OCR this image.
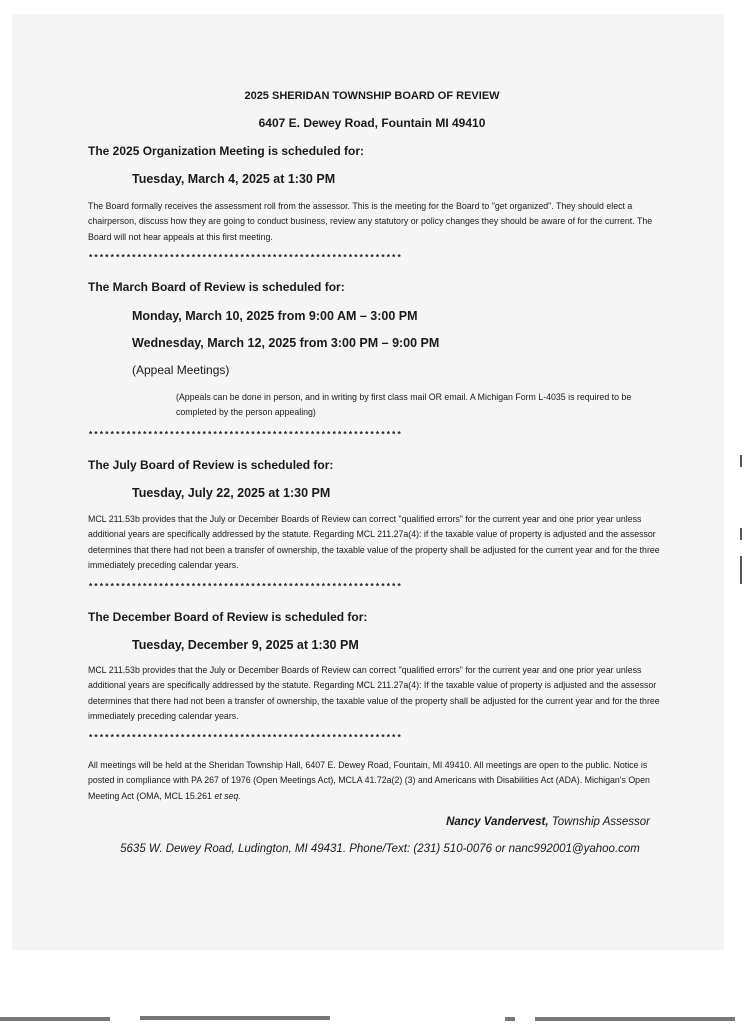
2025 SHERIDAN TOWNSHIP BOARD OF REVIEW
6407 E. Dewey Road, Fountain MI 49410
The 2025 Organization Meeting is scheduled for:
Tuesday, March 4, 2025 at 1:30 PM
The Board formally receives the assessment roll from the assessor. This is the meeting for the Board to "get organized". They should elect a chairperson, discuss how they are going to conduct business, review any statutory or policy changes they should be aware of for the current. The Board will not hear appeals at this first meeting.
**********************************************************
The March Board of Review is scheduled for:
Monday, March 10, 2025 from 9:00 AM – 3:00 PM
Wednesday, March 12, 2025 from 3:00 PM – 9:00 PM
(Appeal Meetings)
(Appeals can be done in person, and in writing by first class mail OR email. A Michigan Form L-4035 is required to be completed by the person appealing)
**********************************************************
The July Board of Review is scheduled for:
Tuesday, July 22, 2025 at 1:30 PM
MCL 211.53b provides that the July or December Boards of Review can correct "qualified errors" for the current year and one prior year unless additional years are specifically addressed by the statute. Regarding MCL 211.27a(4): if the taxable value of property is adjusted and the assessor determines that there had not been a transfer of ownership, the taxable value of the property shall be adjusted for the current year and for the three immediately preceding calendar years.
**********************************************************
The December Board of Review is scheduled for:
Tuesday, December 9, 2025 at 1:30 PM
MCL 211.53b provides that the July or December Boards of Review can correct "qualified errors" for the current year and one prior year unless additional years are specifically addressed by the statute. Regarding MCL 211.27a(4): If the taxable value of property is adjusted and the assessor determines that there had not been a transfer of ownership, the taxable value of the property shall be adjusted for the current year and for the three immediately preceding calendar years.
**********************************************************
All meetings will be held at the Sheridan Township Hall, 6407 E. Dewey Road, Fountain, MI 49410. All meetings are open to the public. Notice is posted in compliance with PA 267 of 1976 (Open Meetings Act), MCLA 41.72a(2) (3) and Americans with Disabilities Act (ADA). Michigan's Open Meeting Act (OMA, MCL 15.261 et seq.
Nancy Vandervest, Township Assessor
5635 W. Dewey Road, Ludington, MI 49431. Phone/Text: (231) 510-0076 or nanc992001@yahoo.com
